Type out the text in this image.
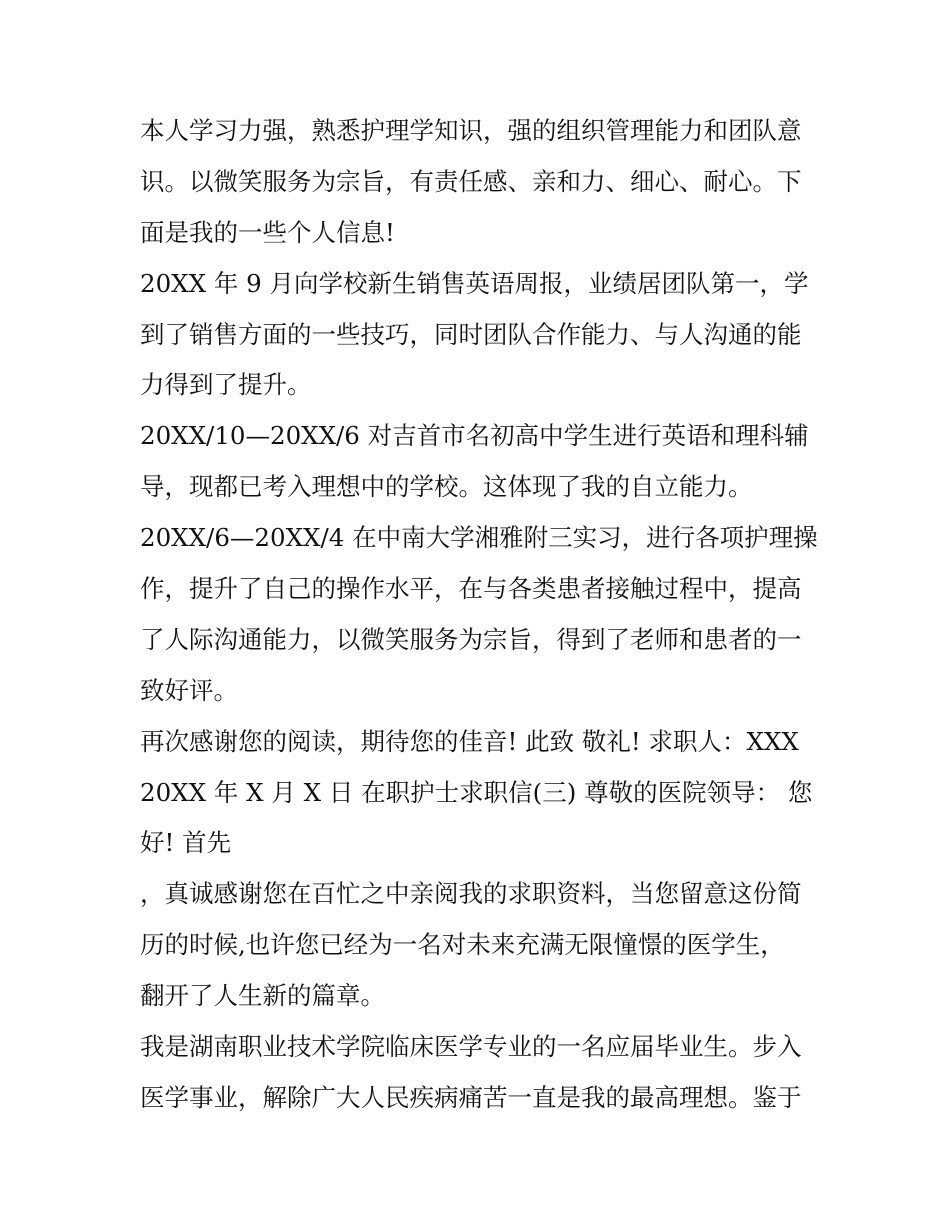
本人学习力强，熟悉护理学知识，强的组织管理能力和团队意
识。以微笑服务为宗旨，有责任感、亲和力、细心、耐心。下
面是我的一些个人信息!
20XX 年 9 月向学校新生销售英语周报，业绩居团队第一，学
到了销售方面的一些技巧，同时团队合作能力、与人沟通的能
力得到了提升。
20XX/10—20XX/6 对吉首市名初高中学生进行英语和理科辅
导，现都已考入理想中的学校。这体现了我的自立能力。
20XX/6—20XX/4 在中南大学湘雅附三实习，进行各项护理操
作，提升了自己的操作水平，在与各类患者接触过程中，提高
了人际沟通能力，以微笑服务为宗旨，得到了老师和患者的一
致好评。
再次感谢您的阅读，期待您的佳音! 此致 敬礼! 求职人：XXX
20XX 年 X 月 X 日 在职护士求职信(三) 尊敬的医院领导： 您
好! 首先
，真诚感谢您在百忙之中亲阅我的求职资料，当您留意这份简
历的时候,也许您已经为一名对未来充满无限憧憬的医学生，
翻开了人生新的篇章。
我是湖南职业技术学院临床医学专业的一名应届毕业生。步入
医学事业，解除广大人民疾病痛苦一直是我的最高理想。鉴于
